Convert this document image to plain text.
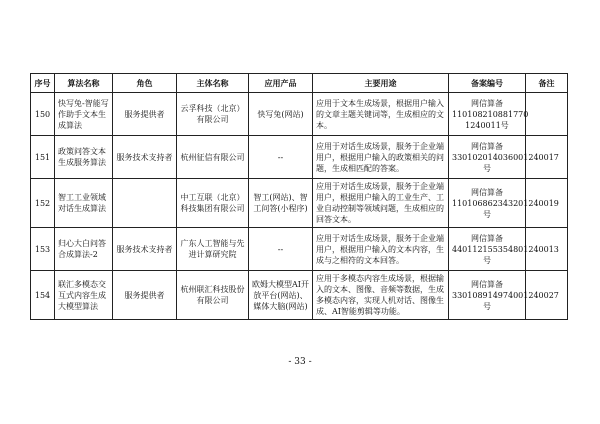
序号	算法名称	角色	主体名称	应用产品	主要用途	备案编号	备注
150	快写兔-智能写作助手文本生成算法	服务提供者	云孚科技（北京）有限公司	快写兔(网站)	应用于文本生成场景，根据用户输入的文章主题关键词等，生成相应的文本。	网信算备110108210881770 1240011号	
151	政策问答文本生成服务算法	服务技术支持者	杭州征信有限公司	--	应用于对话生成场景，服务于企业端用户，根据用户输入的政策相关的问题，生成相匹配的答案。	网信算备330102014036001240017号	
152	智工工业领域对话生成算法		中工互联（北京）科技集团有限公司	智工(网站)、智工问答(小程序)	应用于对话生成场景，服务于企业端用户，根据用户输入的工业生产、工业自动控制等领域问题，生成相应的回答文本。	网信算备110106862343201240019号	
153	归心大白问答合成算法-2	服务技术支持者	广东人工智能与先进计算研究院	--	应用于对话生成场景，服务于企业端用户，根据用户输入的文本内容，生成与之相符的文本回答。	网信算备440112155354801240013号	
154	联汇多模态交互式内容生成大模型算法	服务提供者	杭州联汇科技股份有限公司	欧姆大模型AI开放平台(网站)、媒体大脑(网站)	应用于多模态内容生成场景，根据输入的文本、图像、音频等数据，生成多模态内容，实现人机对话、图像生成、AI智能剪辑等功能。	网信算备330108914974001240027号	
- 33 -
